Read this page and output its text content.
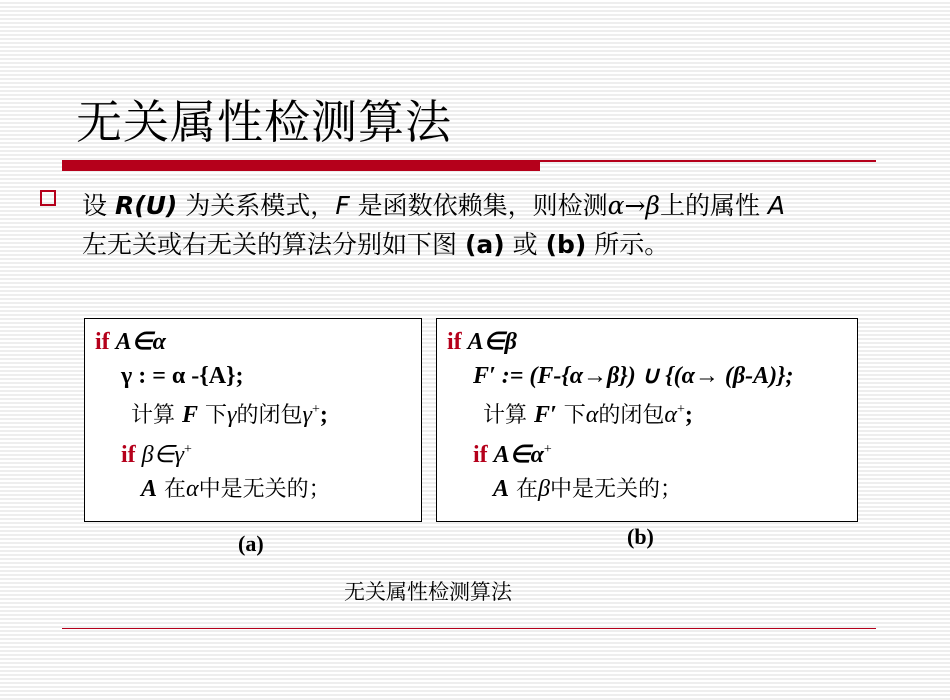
无关属性检测算法
设 R(U) 为关系模式，F 是函数依赖集，则检测α→β上的属性 A
左无关或右无关的算法分别如下图 (a) 或 (b) 所示。
if A∈α
γ : = α -{A};
计算 F 下γ的闭包γ+;
if β∈γ+
A 在α中是无关的；
if A∈β
F′ := (F-{α→β}) ∪ {(α→ (β-A)};
计算 F′ 下α的闭包α+;
if A∈α+
A 在β中是无关的；
(a)	(b)
无关属性检测算法
